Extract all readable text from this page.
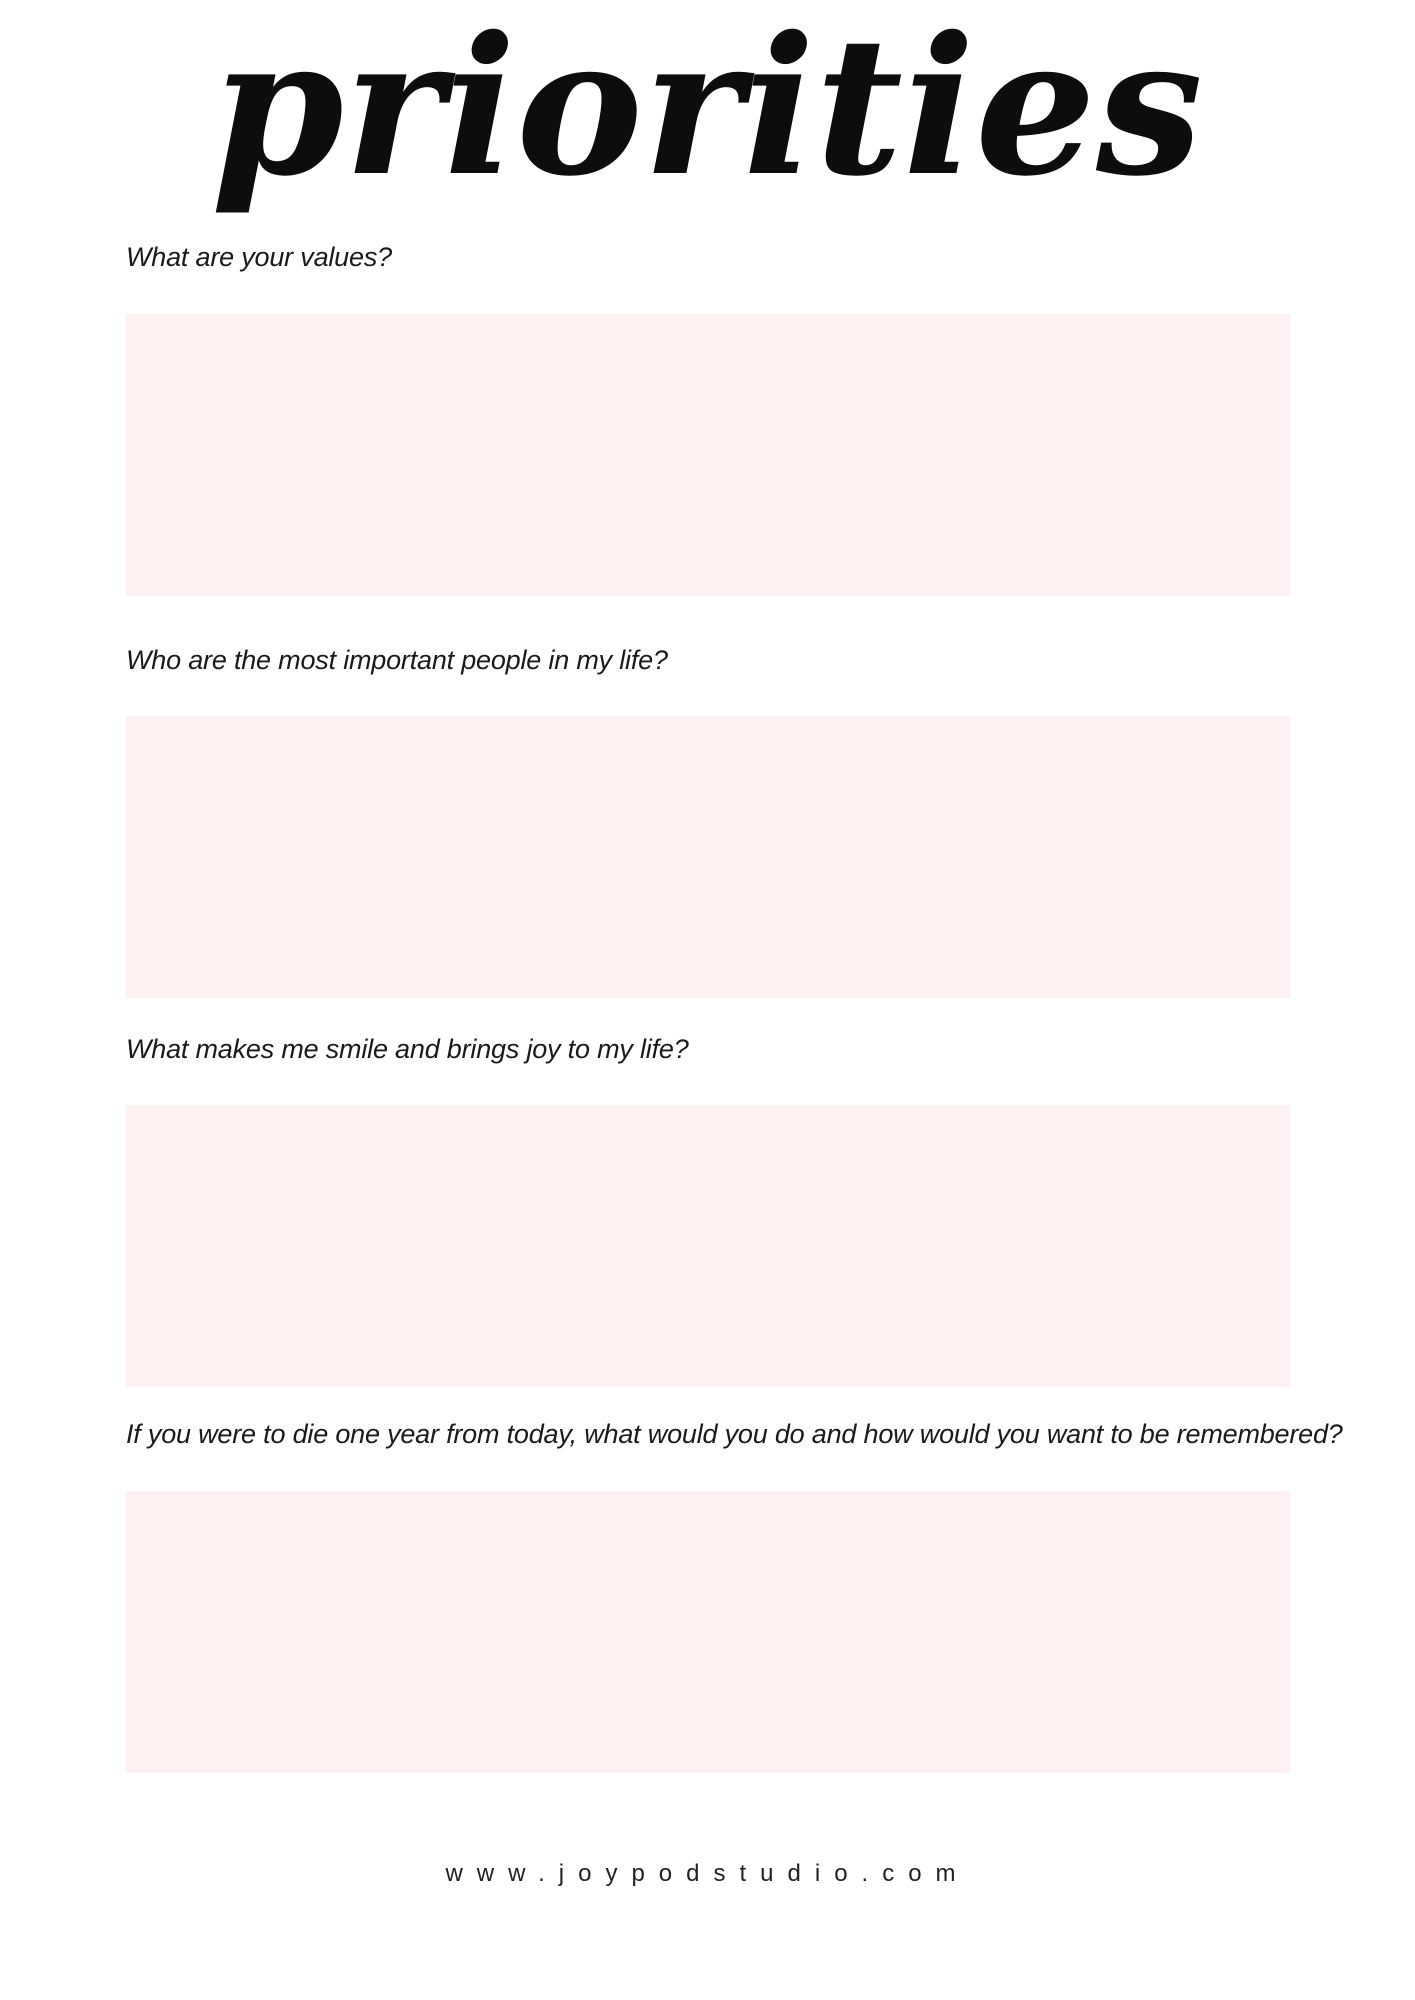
priorities
What are your values?
Who are the most important people in my life?
What makes me smile and brings joy to my life?
If you were to die one year from today, what would you do and how would you want to be remembered?
www.joypodstudio.com
